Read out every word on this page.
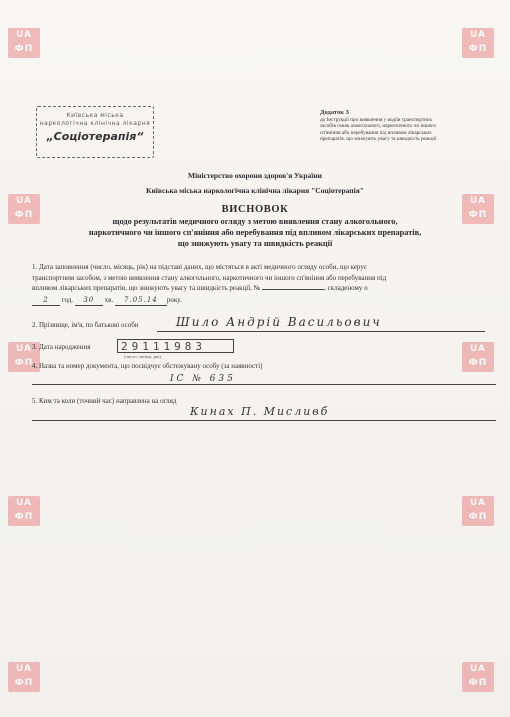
UA
ФП
UA
ФП
UA
ФП
UA
ФП
UA
ФП
UA
ФП
UA
ФП
UA
ФП
UA
ФП
UA
ФП
Київська міська
наркологічна клінічна лікарня
„Соціотерапія“
Додаток 3
до Інструкції про виявлення у водіїв транспортних
засобів ознак алкогольного, наркотичного чи іншого
сп'яніння або перебування під впливом лікарських
препаратів, що знижують увагу та швидкість реакції
Міністерство охорони здоров'я України
Київська міська наркологічна клінічна лікарня "Соціотерапія"
ВИСНОВОК
щодо результатів медичного огляду з метою виявлення стану алкогольного,
наркотичного чи іншого сп'яніння або перебування під впливом лікарських препаратів,
що знижують увагу та швидкість реакції
1. Дата заповнення (число, місяць, рік) на підставі даних, що містяться в акті медичного огляду особи, що керує
транспортним засобом, з метою виявлення стану алкогольного, наркотичного чи іншого сп'яніння або перебування під
впливом лікарських препаратів, що знижують увагу та швидкість реакції, №	, складеному о
2 год. 30 хв. 7.05.14 року.
2. Прізвище, ім'я, по батькові особи	Шило Андрій Васильович
3. Дата народження	29111983
(число, місяць, рік)
4. Назва та номер документа, що посвідчує обстежувану особу (за наявності)
ІС № 635
5. Ким та коли (точний час) направлена на огляд
Кинах П. Мисливб
